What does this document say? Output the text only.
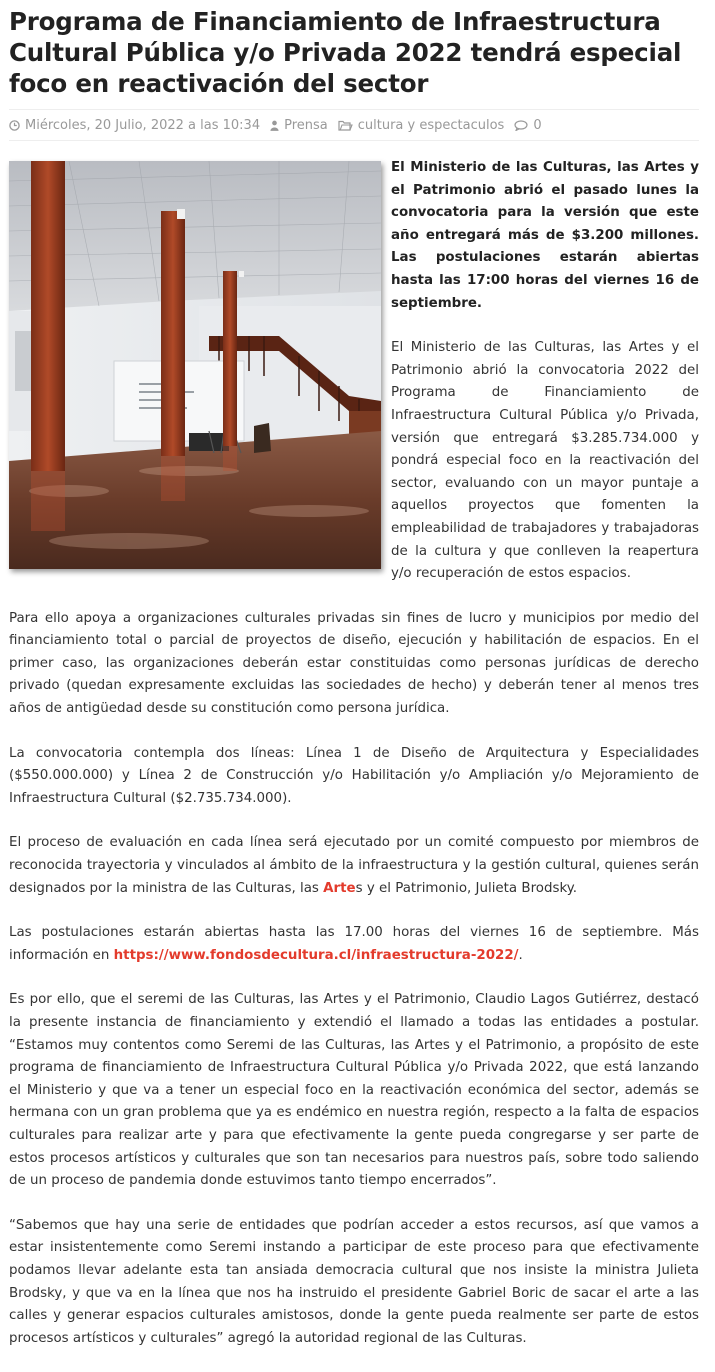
Programa de Financiamiento de Infraestructura Cultural Pública y/o Privada 2022 tendrá especial foco en reactivación del sector
Miércoles, 20 Julio, 2022 a las 10:34 Prensa cultura y espectaculos 0

El Ministerio de las Culturas, las Artes y el Patrimonio abrió el pasado lunes la convocatoria para la versión que este año entregará más de $3.200 millones. Las postulaciones estarán abiertas hasta las 17:00 horas del viernes 16 de septiembre.

El Ministerio de las Culturas, las Artes y el Patrimonio abrió la convocatoria 2022 del Programa de Financiamiento de Infraestructura Cultural Pública y/o Privada, versión que entregará $3.285.734.000 y pondrá especial foco en la reactivación del sector, evaluando con un mayor puntaje a aquellos proyectos que fomenten la empleabilidad de trabajadores y trabajadoras de la cultura y que conlleven la reapertura y/o recuperación de estos espacios.

Para ello apoya a organizaciones culturales privadas sin fines de lucro y municipios por medio del financiamiento total o parcial de proyectos de diseño, ejecución y habilitación de espacios. En el primer caso, las organizaciones deberán estar constituidas como personas jurídicas de derecho privado (quedan expresamente excluidas las sociedades de hecho) y deberán tener al menos tres años de antigüedad desde su constitución como persona jurídica.

La convocatoria contempla dos líneas: Línea 1 de Diseño de Arquitectura y Especialidades ($550.000.000) y Línea 2 de Construcción y/o Habilitación y/o Ampliación y/o Mejoramiento de Infraestructura Cultural ($2.735.734.000).

El proceso de evaluación en cada línea será ejecutado por un comité compuesto por miembros de reconocida trayectoria y vinculados al ámbito de la infraestructura y la gestión cultural, quienes serán designados por la ministra de las Culturas, las Artes y el Patrimonio, Julieta Brodsky.

Las postulaciones estarán abiertas hasta las 17.00 horas del viernes 16 de septiembre. Más información en https://www.fondosdecultura.cl/infraestructura-2022/.

Es por ello, que el seremi de las Culturas, las Artes y el Patrimonio, Claudio Lagos Gutiérrez, destacó la presente instancia de financiamiento y extendió el llamado a todas las entidades a postular. “Estamos muy contentos como Seremi de las Culturas, las Artes y el Patrimonio, a propósito de este programa de financiamiento de Infraestructura Cultural Pública y/o Privada 2022, que está lanzando el Ministerio y que va a tener un especial foco en la reactivación económica del sector, además se hermana con un gran problema que ya es endémico en nuestra región, respecto a la falta de espacios culturales para realizar arte y para que efectivamente la gente pueda congregarse y ser parte de estos procesos artísticos y culturales que son tan necesarios para nuestros país, sobre todo saliendo de un proceso de pandemia donde estuvimos tanto tiempo encerrados”.

“Sabemos que hay una serie de entidades que podrían acceder a estos recursos, así que vamos a estar insistentemente como Seremi instando a participar de este proceso para que efectivamente podamos llevar adelante esta tan ansiada democracia cultural que nos insiste la ministra Julieta Brodsky, y que va en la línea que nos ha instruido el presidente Gabriel Boric de sacar el arte a las calles y generar espacios culturales amistosos, donde la gente pueda realmente ser parte de estos procesos artísticos y culturales” agregó la autoridad regional de las Culturas.
